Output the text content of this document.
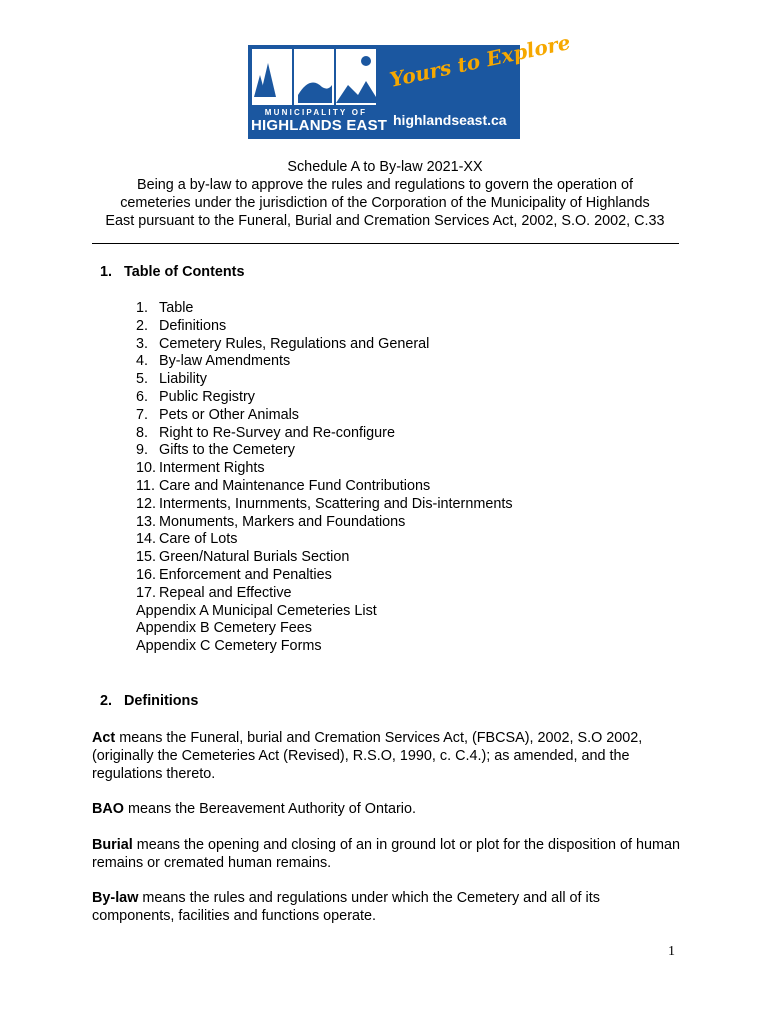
MUNICIPALITY OF
HIGHLANDS EAST
Yours to Explore
highlandseast.ca
Schedule A to By-law 2021-XX
Being a by-law to approve the rules and regulations to govern the operation of
cemeteries under the jurisdiction of the Corporation of the Municipality of Highlands
East pursuant to the Funeral, Burial and Cremation Services Act, 2002, S.O. 2002, C.33
1. Table of Contents
1. Table
2. Definitions
3. Cemetery Rules, Regulations and General
4. By-law Amendments
5. Liability
6. Public Registry
7. Pets or Other Animals
8. Right to Re-Survey and Re-configure
9. Gifts to the Cemetery
10. Interment Rights
11. Care and Maintenance Fund Contributions
12. Interments, Inurnments, Scattering and Dis-internments
13. Monuments, Markers and Foundations
14. Care of Lots
15. Green/Natural Burials Section
16. Enforcement and Penalties
17. Repeal and Effective
Appendix A Municipal Cemeteries List
Appendix B Cemetery Fees
Appendix C Cemetery Forms
2. Definitions
Act means the Funeral, burial and Cremation Services Act, (FBCSA), 2002, S.O 2002, (originally the Cemeteries Act (Revised), R.S.O, 1990, c. C.4.); as amended, and the regulations thereto.
BAO means the Bereavement Authority of Ontario.
Burial means the opening and closing of an in ground lot or plot for the disposition of human remains or cremated human remains.
By-law means the rules and regulations under which the Cemetery and all of its components, facilities and functions operate.
1
